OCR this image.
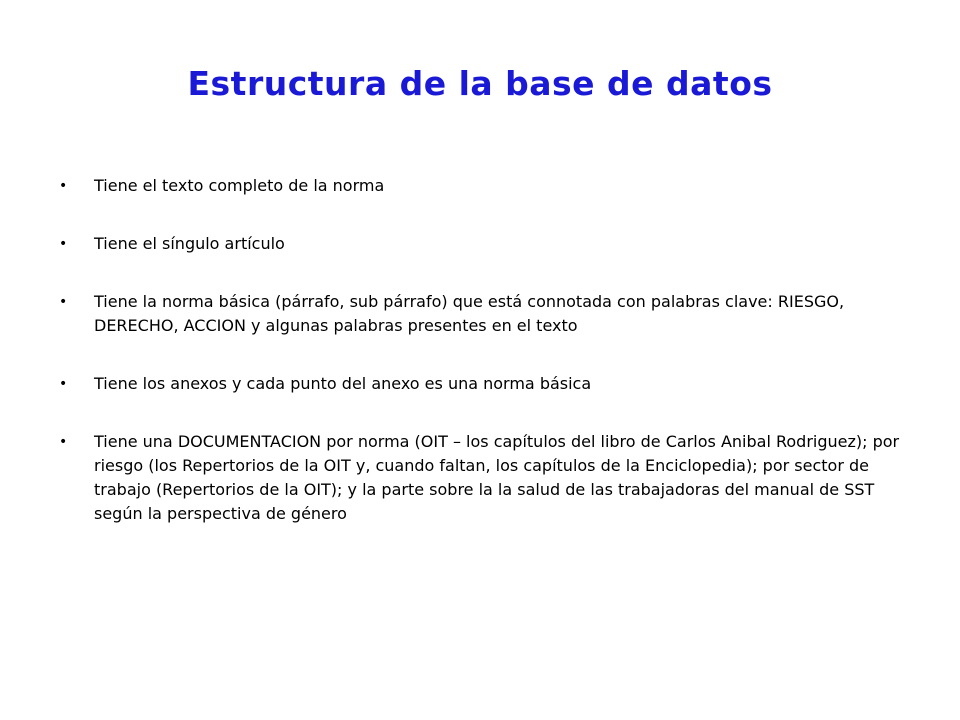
Estructura de la base de datos
• Tiene el texto completo de la norma
• Tiene el síngulo artículo
• Tiene la norma básica (párrafo, sub párrafo) que está connotada con palabras clave: RIESGO, DERECHO, ACCION y algunas palabras presentes en el texto
• Tiene los anexos y cada punto del anexo es una norma básica
• Tiene una DOCUMENTACION por norma (OIT – los capítulos del libro de Carlos Anibal Rodriguez); por riesgo (los Repertorios de la OIT y, cuando faltan, los capítulos de la Enciclopedia); por sector de trabajo (Repertorios de la OIT); y la parte sobre la la salud de las trabajadoras del manual de SST según la perspectiva de género
